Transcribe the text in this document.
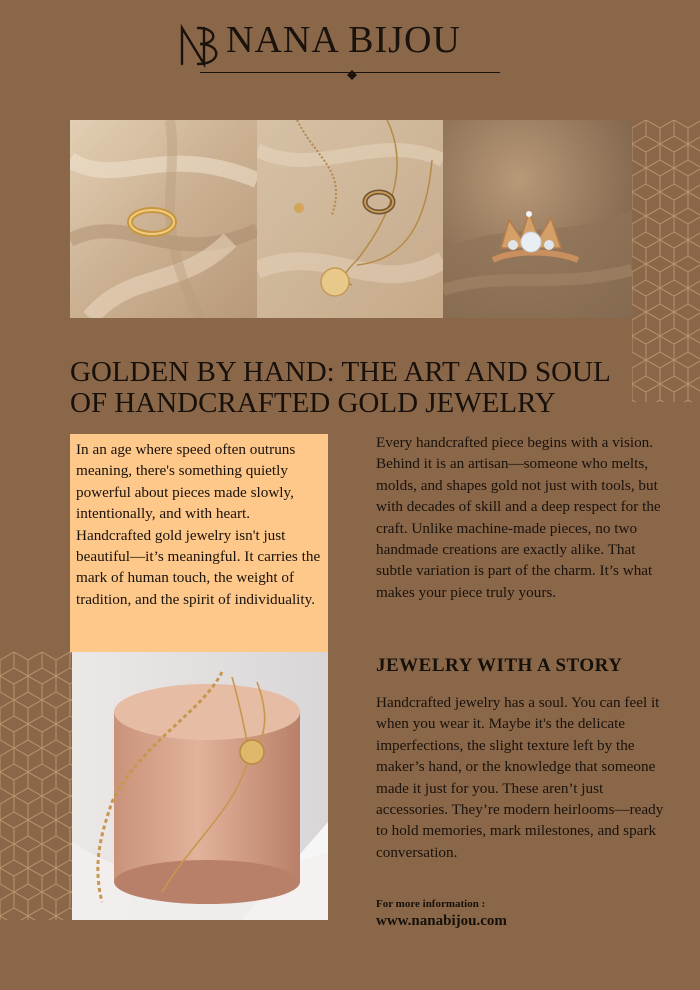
NANA BIJOU
GOLDEN BY HAND: THE ART AND SOUL
OF HANDCRAFTED GOLD JEWELRY

In an age where speed often outruns meaning, there's something quietly powerful about pieces made slowly, intentionally, and with heart. Handcrafted gold jewelry isn't just beautiful—it’s meaningful. It carries the mark of human touch, the weight of tradition, and the spirit of individuality.

Every handcrafted piece begins with a vision. Behind it is an artisan—someone who melts, molds, and shapes gold not just with tools, but with decades of skill and a deep respect for the craft. Unlike machine-made pieces, no two handmade creations are exactly alike. That subtle variation is part of the charm. It’s what makes your piece truly yours.

JEWELRY WITH A STORY

Handcrafted jewelry has a soul. You can feel it when you wear it. Maybe it's the delicate imperfections, the slight texture left by the maker’s hand, or the knowledge that someone made it just for you. These aren’t just accessories. They’re modern heirlooms—ready to hold memories, mark milestones, and spark conversation.

For more information :
www.nanabijou.com
